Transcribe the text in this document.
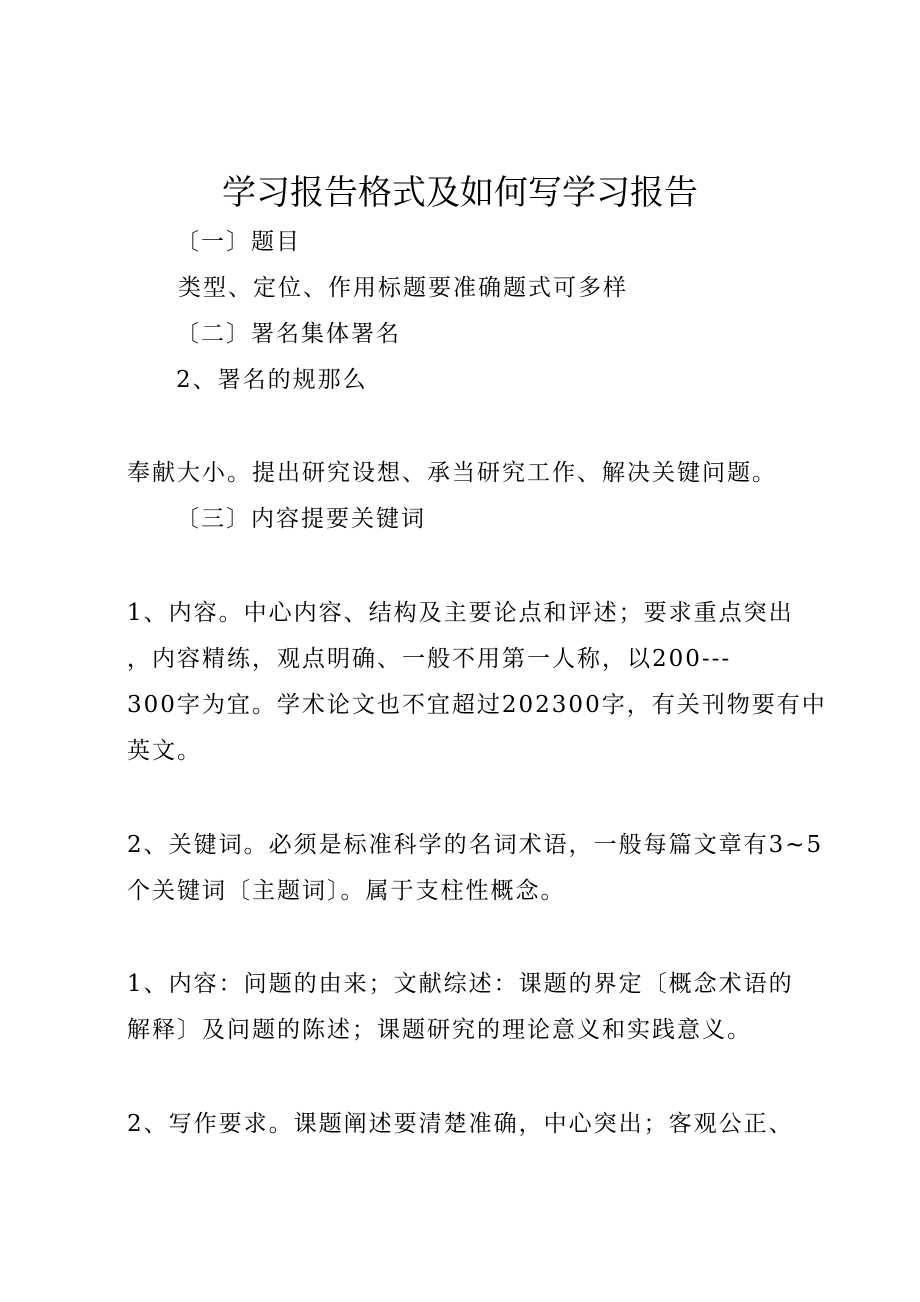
学习报告格式及如何写学习报告
〔一〕题目
类型、定位、作用标题要准确题式可多样
〔二〕署名集体署名
2、署名的规那么
奉献大小。提出研究设想、承当研究工作、解决关键问题。
〔三〕内容提要关键词
1、内容。中心内容、结构及主要论点和评述；要求重点突出
，内容精练，观点明确、一般不用第一人称，以200---
300字为宜。学术论文也不宜超过202300字，有关刊物要有中
英文。
2、关键词。必须是标准科学的名词术语，一般每篇文章有3~5
个关键词〔主题词〕。属于支柱性概念。
1、内容：问题的由来；文献综述：课题的界定〔概念术语的
解释〕及问题的陈述；课题研究的理论意义和实践意义。
2、写作要求。课题阐述要清楚准确，中心突出；客观公正、
